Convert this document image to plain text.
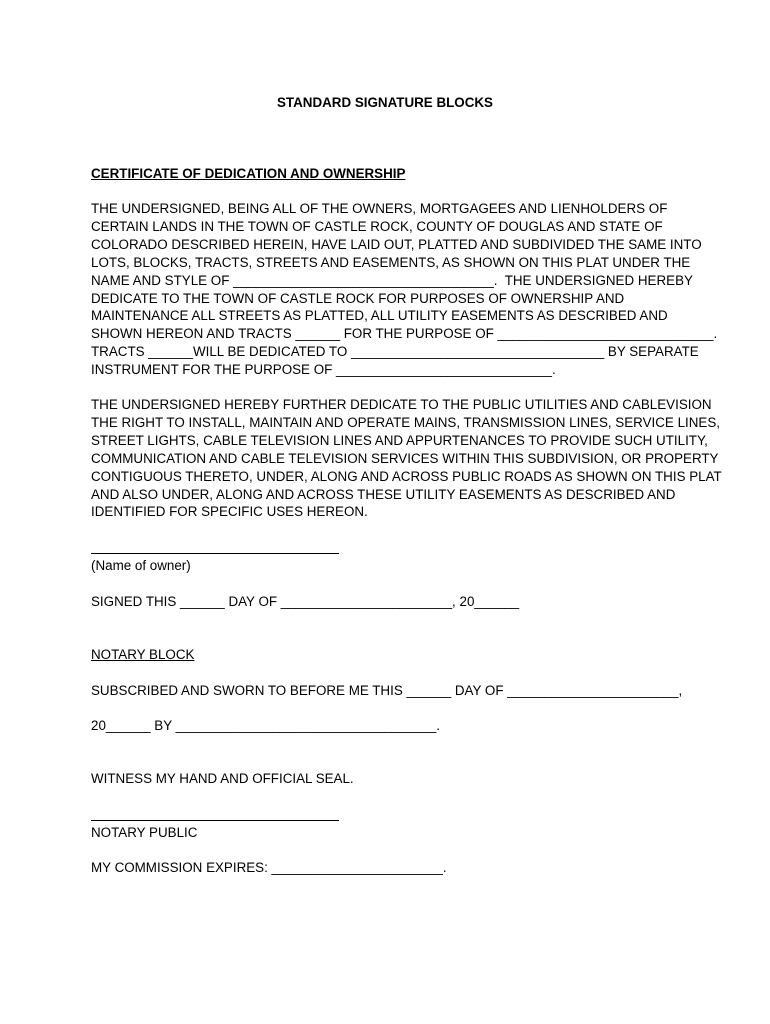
STANDARD SIGNATURE BLOCKS
CERTIFICATE OF DEDICATION AND OWNERSHIP
THE UNDERSIGNED, BEING ALL OF THE OWNERS, MORTGAGEES AND LIENHOLDERS OF
CERTAIN LANDS IN THE TOWN OF CASTLE ROCK, COUNTY OF DOUGLAS AND STATE OF
COLORADO DESCRIBED HEREIN, HAVE LAID OUT, PLATTED AND SUBDIVIDED THE SAME INTO
LOTS, BLOCKS, TRACTS, STREETS AND EASEMENTS, AS SHOWN ON THIS PLAT UNDER THE
NAME AND STYLE OF ___________________________________.  THE UNDERSIGNED HEREBY
DEDICATE TO THE TOWN OF CASTLE ROCK FOR PURPOSES OF OWNERSHIP AND
MAINTENANCE ALL STREETS AS PLATTED, ALL UTILITY EASEMENTS AS DESCRIBED AND
SHOWN HEREON AND TRACTS ______ FOR THE PURPOSE OF _____________________________.
TRACTS ______WILL BE DEDICATED TO __________________________________ BY SEPARATE
INSTRUMENT FOR THE PURPOSE OF _____________________________.
THE UNDERSIGNED HEREBY FURTHER DEDICATE TO THE PUBLIC UTILITIES AND CABLEVISION
THE RIGHT TO INSTALL, MAINTAIN AND OPERATE MAINS, TRANSMISSION LINES, SERVICE LINES,
STREET LIGHTS, CABLE TELEVISION LINES AND APPURTENANCES TO PROVIDE SUCH UTILITY,
COMMUNICATION AND CABLE TELEVISION SERVICES WITHIN THIS SUBDIVISION, OR PROPERTY
CONTIGUOUS THERETO, UNDER, ALONG AND ACROSS PUBLIC ROADS AS SHOWN ON THIS PLAT
AND ALSO UNDER, ALONG AND ACROSS THESE UTILITY EASEMENTS AS DESCRIBED AND
IDENTIFIED FOR SPECIFIC USES HEREON.
(Name of owner)
SIGNED THIS ______ DAY OF _______________________, 20______
NOTARY BLOCK
SUBSCRIBED AND SWORN TO BEFORE ME THIS ______ DAY OF _______________________,
20______ BY ___________________________________.
WITNESS MY HAND AND OFFICIAL SEAL.
NOTARY PUBLIC
MY COMMISSION EXPIRES: _______________________.
